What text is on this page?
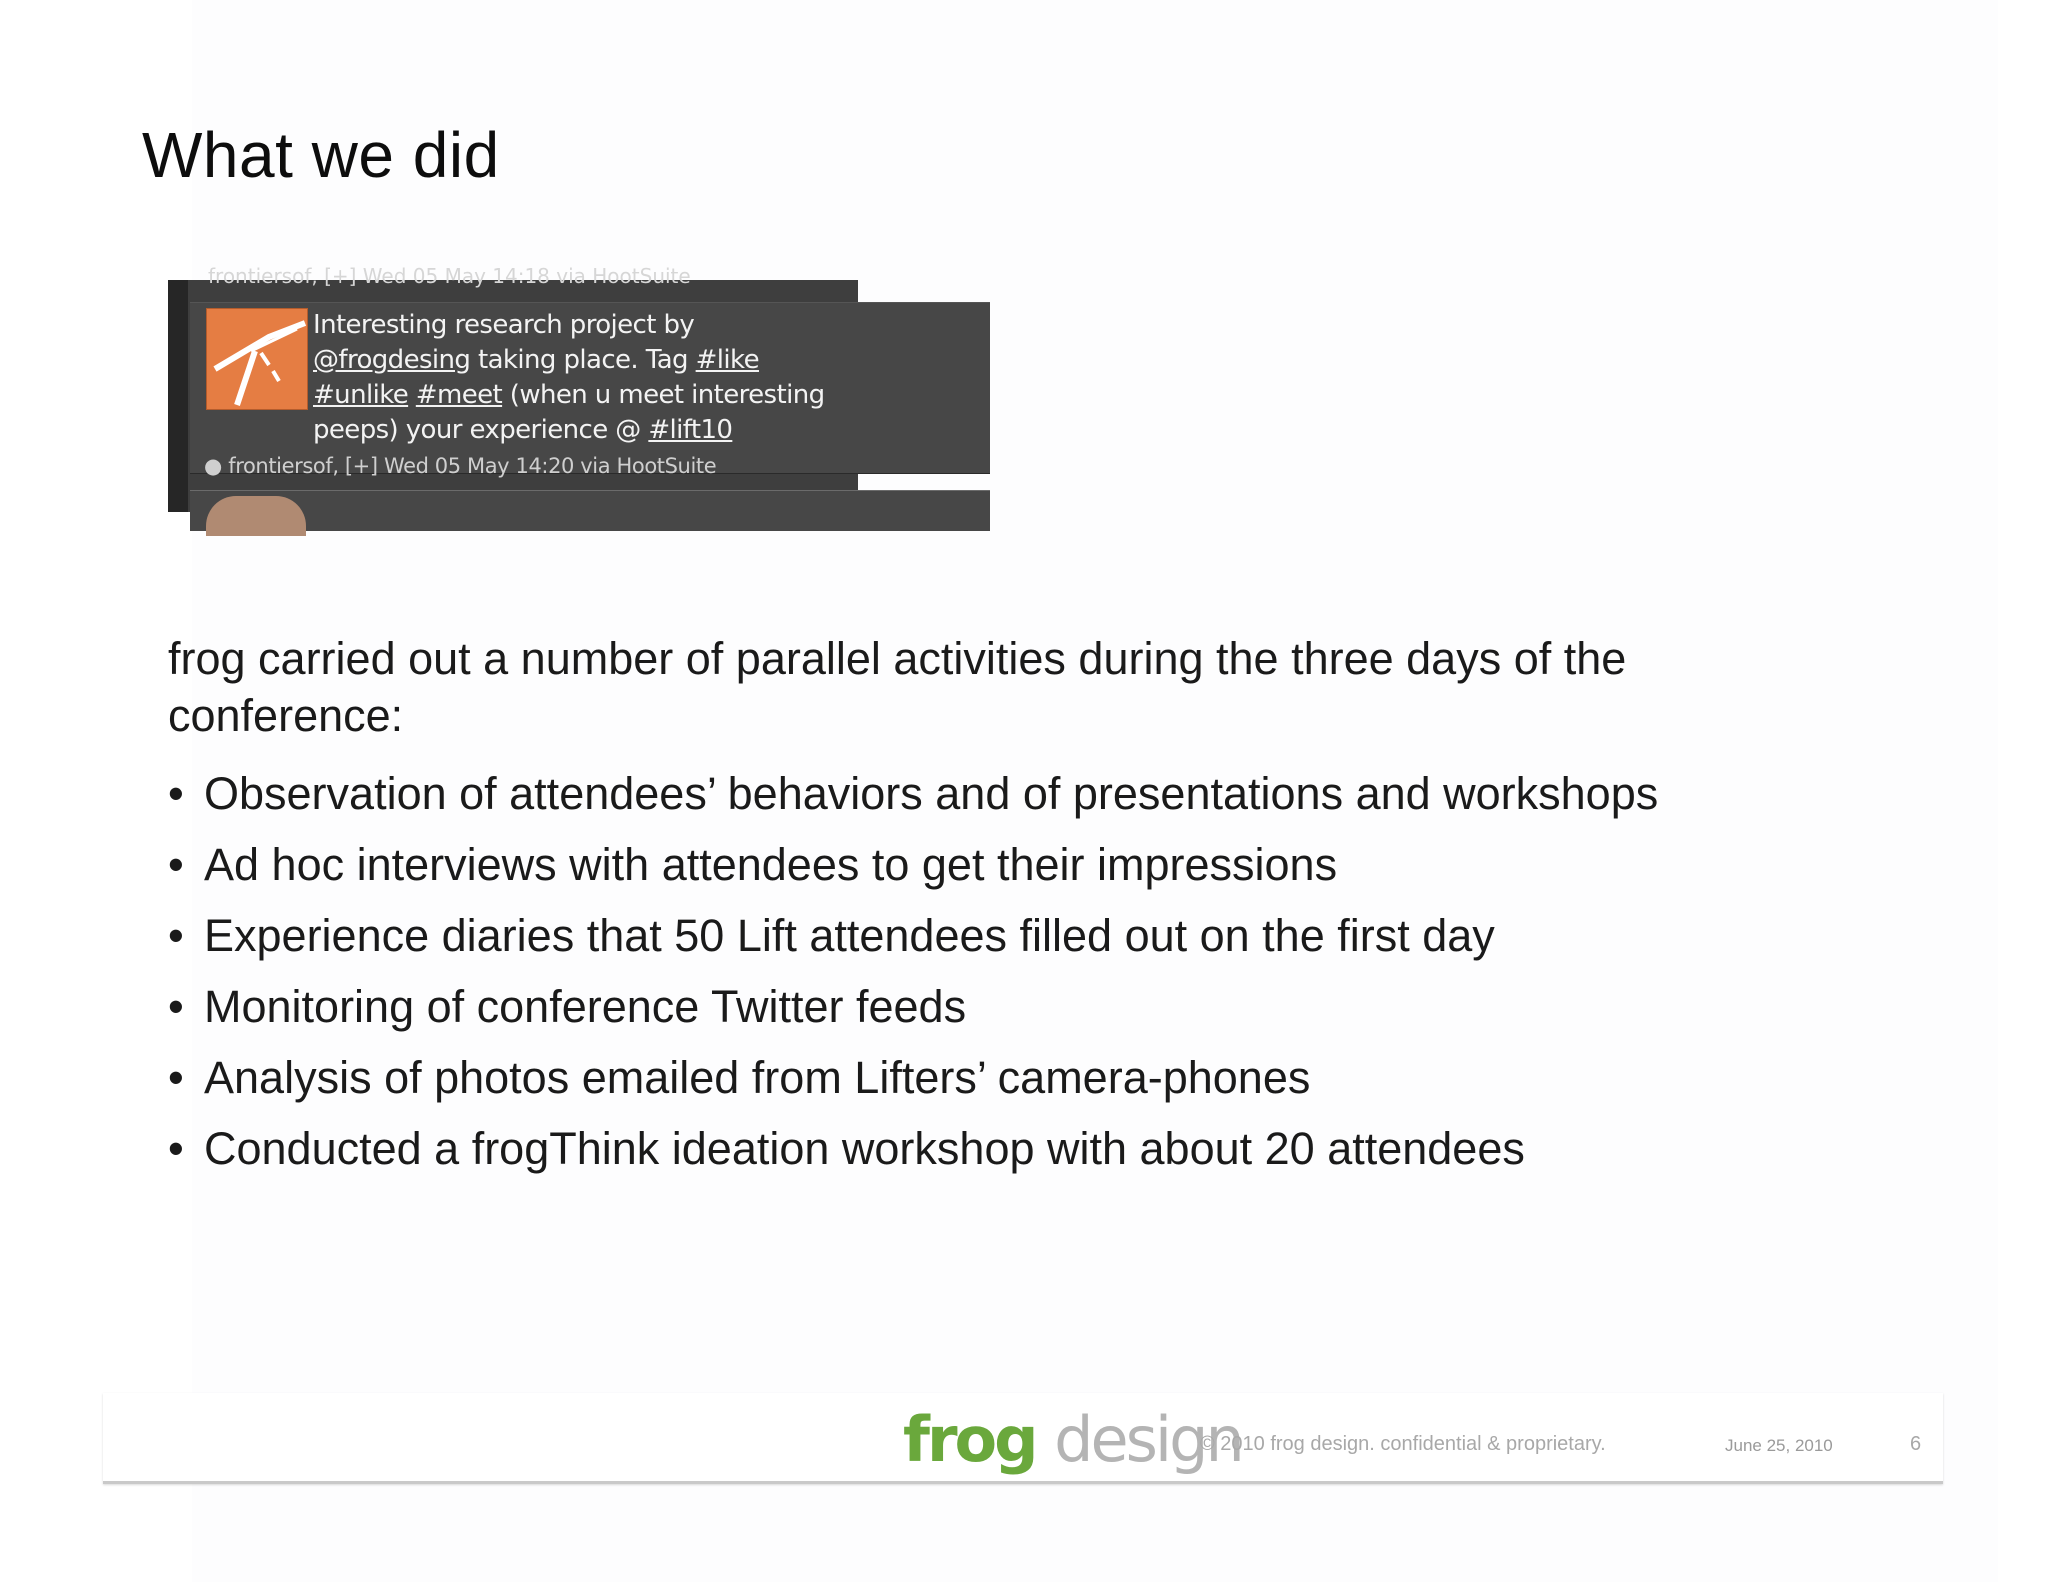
What we did
frontiersof, [+] Wed 05 May 14:18 via HootSuite
Interesting research project by @frogdesing taking place. Tag #like #unlike #meet (when u meet interesting peeps) your experience @ #lift10
● frontiersof, [+] Wed 05 May 14:20 via HootSuite

frog carried out a number of parallel activities during the three days of the conference:

• Observation of attendees’ behaviors and of presentations and workshops
• Ad hoc interviews with attendees to get their impressions
• Experience diaries that 50 Lift attendees filled out on the first day
• Monitoring of conference Twitter feeds
• Analysis of photos emailed from Lifters’ camera-phones
• Conducted a frogThink ideation workshop with about 20 attendees
frog design
© 2010 frog design. confidential & proprietary.	June 25, 2010	6
